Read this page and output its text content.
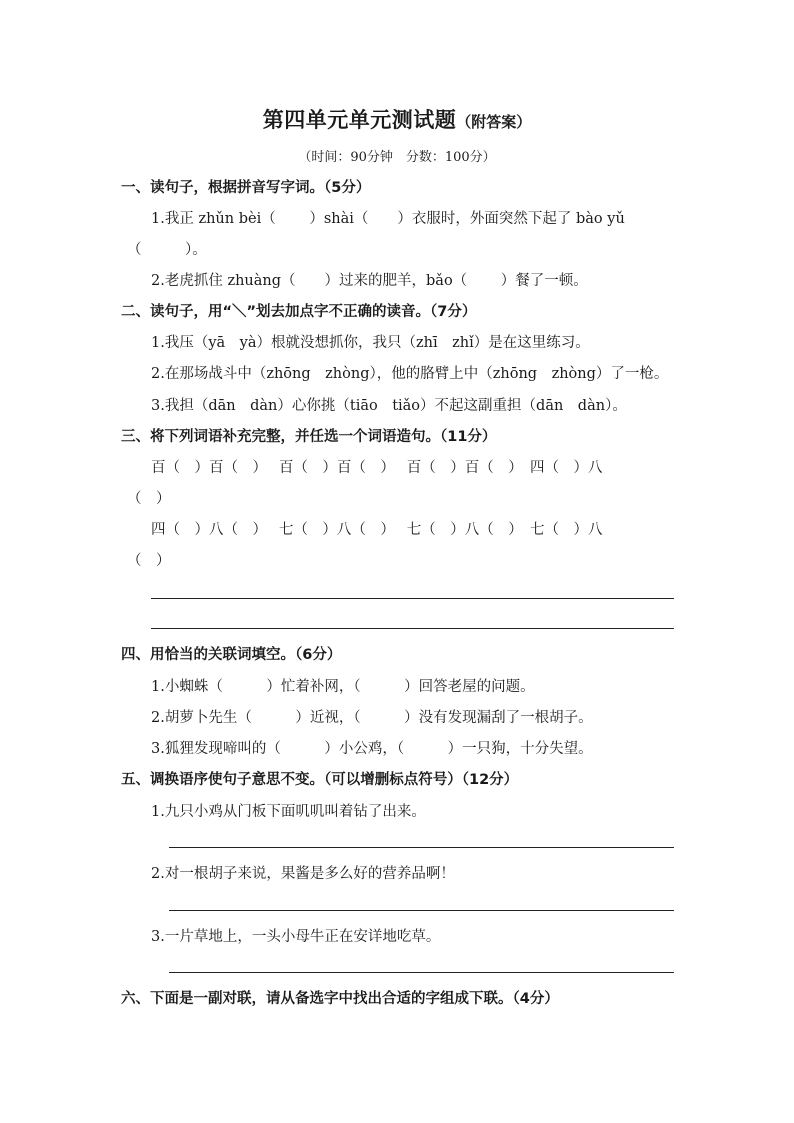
第四单元单元测试题（附答案）
（时间：90分钟　分数：100分）
一、读句子，根据拼音写字词。（5分）
1.我正 zhǔn bèi（　　 ）shài（　　）衣服时，外面突然下起了 bào yǔ
（　　　）。
2.老虎抓住 zhuàng（　　）过来的肥羊，bǎo（　　 ）餐了一顿。
二、读句子，用“＼”划去加点字不正确的读音。（7分）
1.我压（yā　yà）根就没想抓你，我只（zhī　zhǐ）是在这里练习。
2.在那场战斗中（zhōng　zhòng），他的胳臂上中（zhōng　zhòng）了一枪。
3.我担（dān　dàn）心你挑（tiāo　tiǎo）不起这副重担（dān　dàn）。
三、将下列词语补充完整，并任选一个词语造句。（11分）
百（　）百（　）　 百（　）百（　）　 百（　）百（　）　四（　）八
（　）
四（　）八（　）　 七（　）八（　）　 七（　）八（　）　七（　）八
（　）
四、用恰当的关联词填空。（6分）
1.小蜘蛛（　　　）忙着补网，（　　　）回答老屋的问题。
2.胡萝卜先生（　　　）近视，（　　　）没有发现漏刮了一根胡子。
3.狐狸发现啼叫的（　　　）小公鸡，（　　　）一只狗，十分失望。
五、调换语序使句子意思不变。（可以增删标点符号）（12分）
1.九只小鸡从门板下面叽叽叫着钻了出来。
2.对一根胡子来说，果酱是多么好的营养品啊！
3.一片草地上，一头小母牛正在安详地吃草。
六、下面是一副对联，请从备选字中找出合适的字组成下联。（4分）
